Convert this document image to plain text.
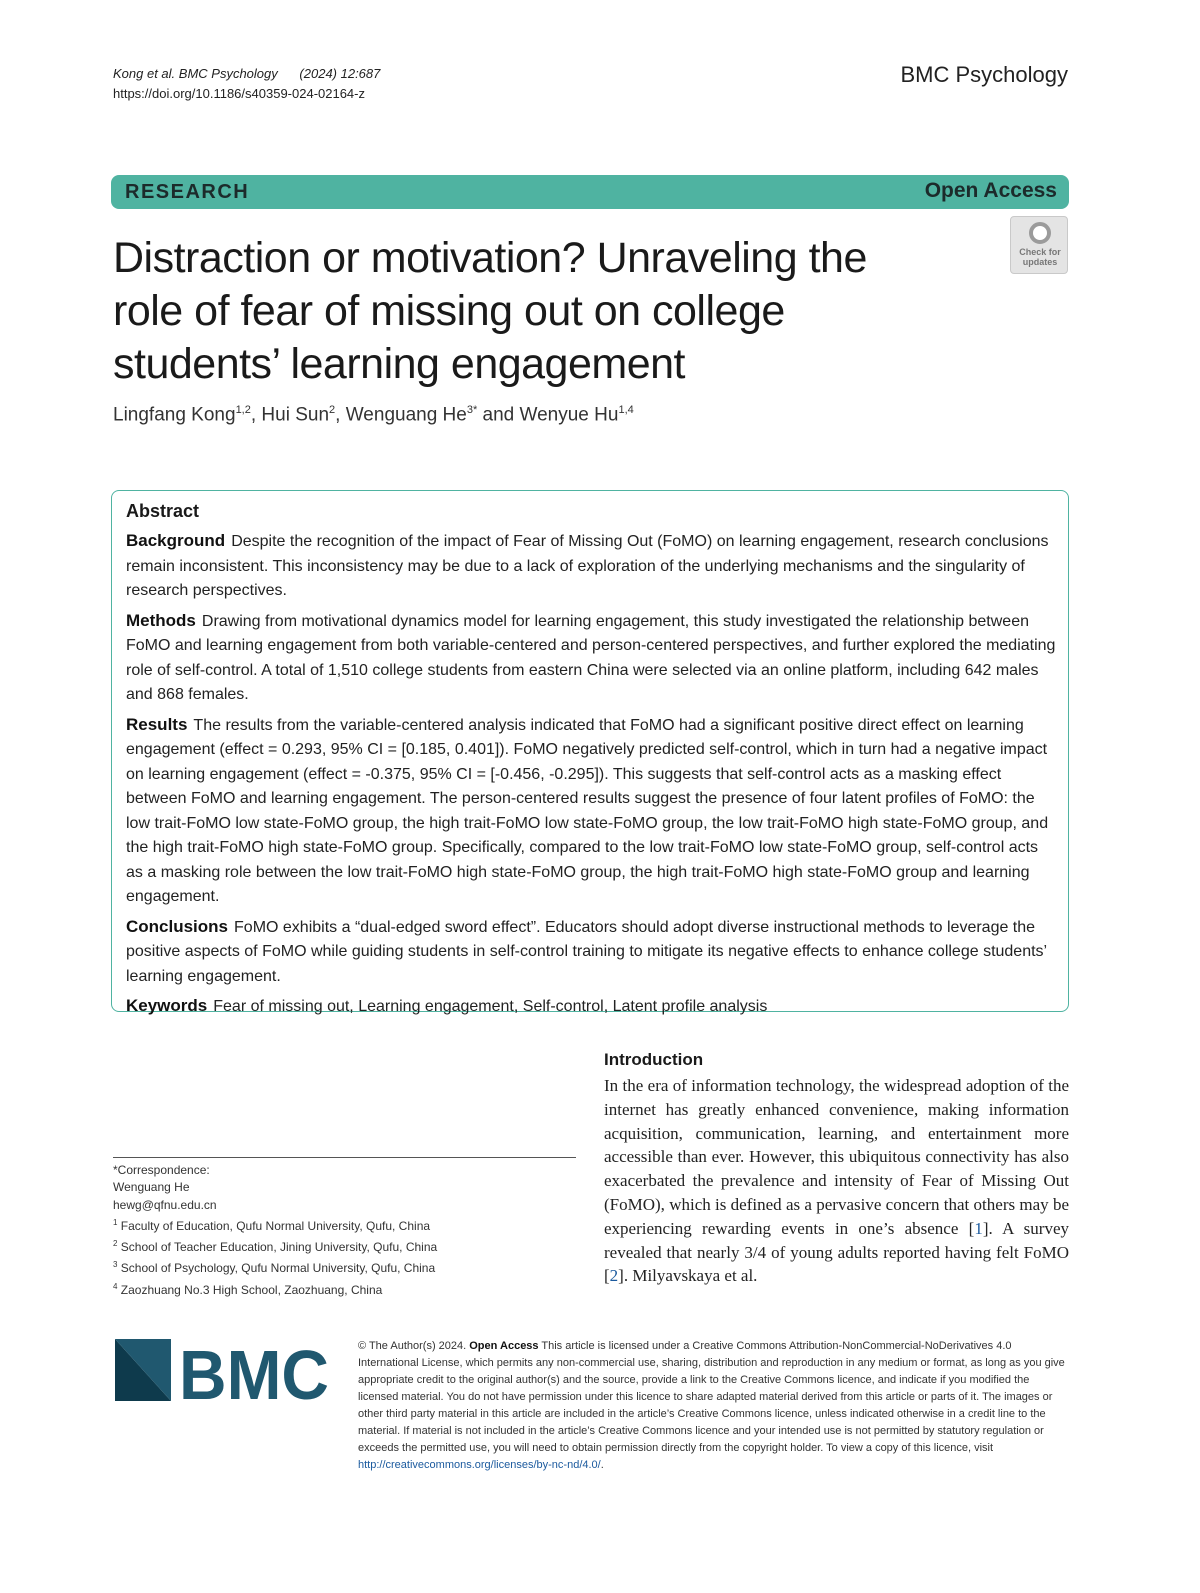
Kong et al. BMC Psychology (2024) 12:687
https://doi.org/10.1186/s40359-024-02164-z
BMC Psychology
RESEARCH	Open Access
Check for updates
Distraction or motivation? Unraveling the role of fear of missing out on college students’ learning engagement
Lingfang Kong$^{1,2}$, Hui Sun$^2$, Wenguang $He^{3*}$ and Wenyue Hu$^{1,4}$
Abstract

Background Despite the recognition of the impact of Fear of Missing Out (FoMO) on learning engagement, research conclusions remain inconsistent. This inconsistency may be due to a lack of exploration of the underlying mechanisms and the singularity of research perspectives.

Methods Drawing from motivational dynamics model for learning engagement, this study investigated the relationship between FoMO and learning engagement from both variable-centered and person-centered perspectives, and further explored the mediating role of self-control. A total of 1,510 college students from eastern China were selected via an online platform, including 642 males and 868 females.

Results The results from the variable-centered analysis indicated that FoMO had a significant positive direct effect on learning engagement (effect = 0.293, 95% CI = [0.185, 0.401]). FoMO negatively predicted self-control, which in turn had a negative impact on learning engagement (effect = -0.375, 95% CI = [-0.456, -0.295]). This suggests that self-control acts as a masking effect between FoMO and learning engagement. The person-centered results suggest the presence of four latent profiles of FoMO: the low trait-FoMO low state-FoMO group, the high trait-FoMO low state-FoMO group, the low trait-FoMO high state-FoMO group, and the high trait-FoMO high state-FoMO group. Specifically, compared to the low trait-FoMO low state-FoMO group, self-control acts as a masking role between the low trait-FoMO high state-FoMO group, the high trait-FoMO high state-FoMO group and learning engagement.

Conclusions FoMO exhibits a “dual-edged sword effect”. Educators should adopt diverse instructional methods to leverage the positive aspects of FoMO while guiding students in self-control training to mitigate its negative effects to enhance college students’ learning engagement.

Keywords Fear of missing out, Learning engagement, Self-control, Latent profile analysis

Introduction
In the era of information technology, the widespread adoption of the internet has greatly enhanced convenience, making information acquisition, communication, learning, and entertainment more accessible than ever. However, this ubiquitous connectivity has also exacerbated the prevalence and intensity of Fear of Missing Out (FoMO), which is defined as a pervasive concern that others may be experiencing rewarding events in one’s absence [1]. A survey revealed that nearly 3/4 of young adults reported having felt FoMO [2]. Milyavskaya et al.
*Correspondence:
Wenguang He
hewg@qfnu.edu.cn
$^1$ Faculty of Education, Qufu Normal University, Qufu, China
$^2$ School of Teacher Education, Jining University, Qufu, China
$^3$ School of Psychology, Qufu Normal University, Qufu, China
$^4$ Zaozhuang No.3 High School, Zaozhuang, China
BMC	© The Author(s) 2024. Open Access This article is licensed under a Creative Commons Attribution-NonCommercial-NoDerivatives 4.0 International License, which permits any non-commercial use, sharing, distribution and reproduction in any medium or format, as long as you give appropriate credit to the original author(s) and the source, provide a link to the Creative Commons licence, and indicate if you modified the licensed material. You do not have permission under this licence to share adapted material derived from this article or parts of it. The images or other third party material in this article are included in the article’s Creative Commons licence, unless indicated otherwise in a credit line to the material. If material is not included in the article’s Creative Commons licence and your intended use is not permitted by statutory regulation or exceeds the permitted use, you will need to obtain permission directly from the copyright holder. To view a copy of this licence, visit http://creativecommons.org/licenses/by-nc-nd/4.0/.
